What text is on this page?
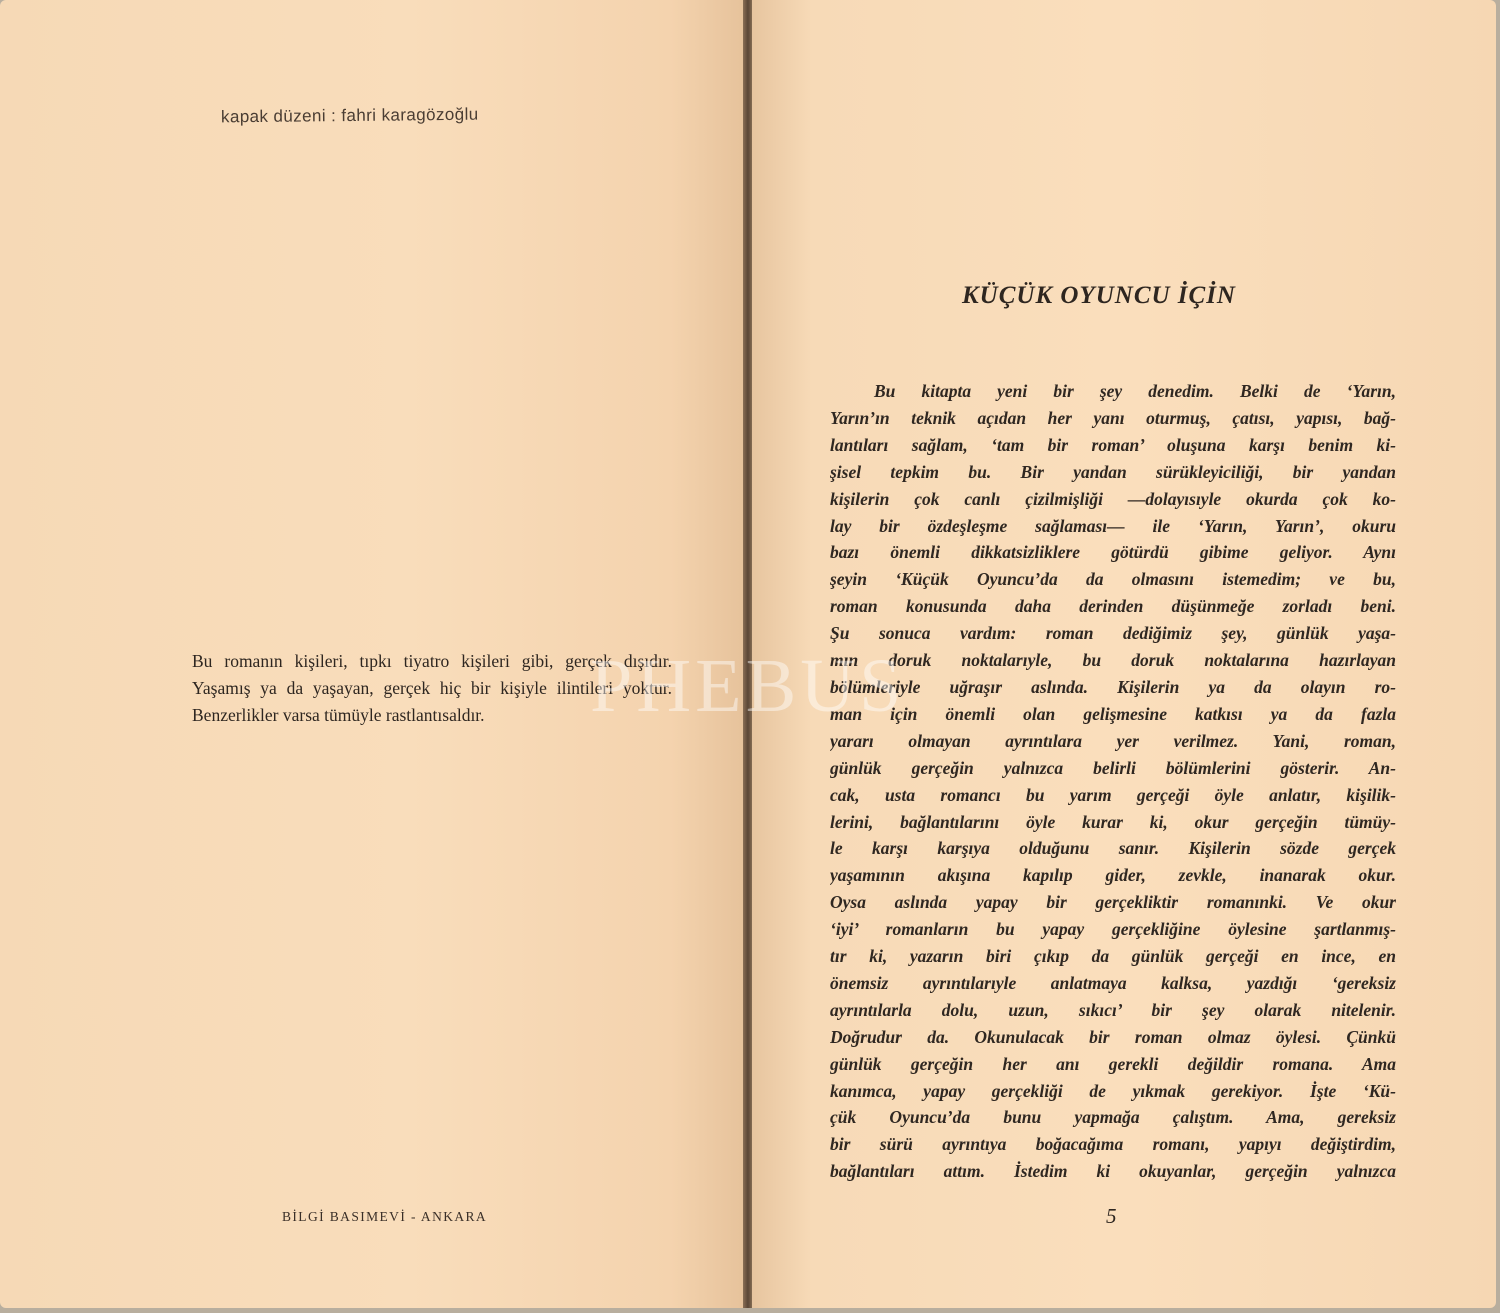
kapak düzeni : fahri karagözoğlu

Bu romanın kişileri, tıpkı tiyatro kişileri gibi, gerçek dışıdır. Yaşamış ya da yaşayan, gerçek hiç bir kişiyle ilintileri yoktur. Benzerlikler varsa tümüyle rastlantısaldır.

BİLGİ BASIMEVİ - ANKARA

KÜÇÜK OYUNCU İÇİN
Bu kitapta yeni bir şey denedim. Belki de ‘Yarın,
Yarın’ın teknik açıdan her yanı oturmuş, çatısı, yapısı, bağ-
lantıları sağlam, ‘tam bir roman’ oluşuna karşı benim ki-
şisel tepkim bu. Bir yandan sürükleyiciliği, bir yandan
kişilerin çok canlı çizilmişliği —dolayısıyle okurda çok ko-
lay bir özdeşleşme sağlaması— ile ‘Yarın, Yarın’, okuru
bazı önemli dikkatsizliklere götürdü gibime geliyor. Aynı
şeyin ‘Küçük Oyuncu’da da olmasını istemedim; ve bu,
roman konusunda daha derinden düşünmeğe zorladı beni.
Şu sonuca vardım: roman dediğimiz şey, günlük yaşa-
mın doruk noktalarıyle, bu doruk noktalarına hazırlayan
bölümleriyle uğraşır aslında. Kişilerin ya da olayın ro-
man için önemli olan gelişmesine katkısı ya da fazla
yararı olmayan ayrıntılara yer verilmez. Yani, roman,
günlük gerçeğin yalnızca belirli bölümlerini gösterir. An-
cak, usta romancı bu yarım gerçeği öyle anlatır, kişilik-
lerini, bağlantılarını öyle kurar ki, okur gerçeğin tümüy-
le karşı karşıya olduğunu sanır. Kişilerin sözde gerçek
yaşamının akışına kapılıp gider, zevkle, inanarak okur.
Oysa aslında yapay bir gerçekliktir romanınki. Ve okur
‘iyi’ romanların bu yapay gerçekliğine öylesine şartlanmış-
tır ki, yazarın biri çıkıp da günlük gerçeği en ince, en
önemsiz ayrıntılarıyle anlatmaya kalksa, yazdığı ‘gereksiz
ayrıntılarla dolu, uzun, sıkıcı’ bir şey olarak nitelenir.
Doğrudur da. Okunulacak bir roman olmaz öylesi. Çünkü
günlük gerçeğin her anı gerekli değildir romana. Ama
kanımca, yapay gerçekliği de yıkmak gerekiyor. İşte ‘Kü-
çük Oyuncu’da bunu yapmağa çalıştım. Ama, gereksiz
bir sürü ayrıntıya boğacağıma romanı, yapıyı değiştirdim,
bağlantıları attım. İstedim ki okuyanlar, gerçeğin yalnızca

5

PHEBUS
